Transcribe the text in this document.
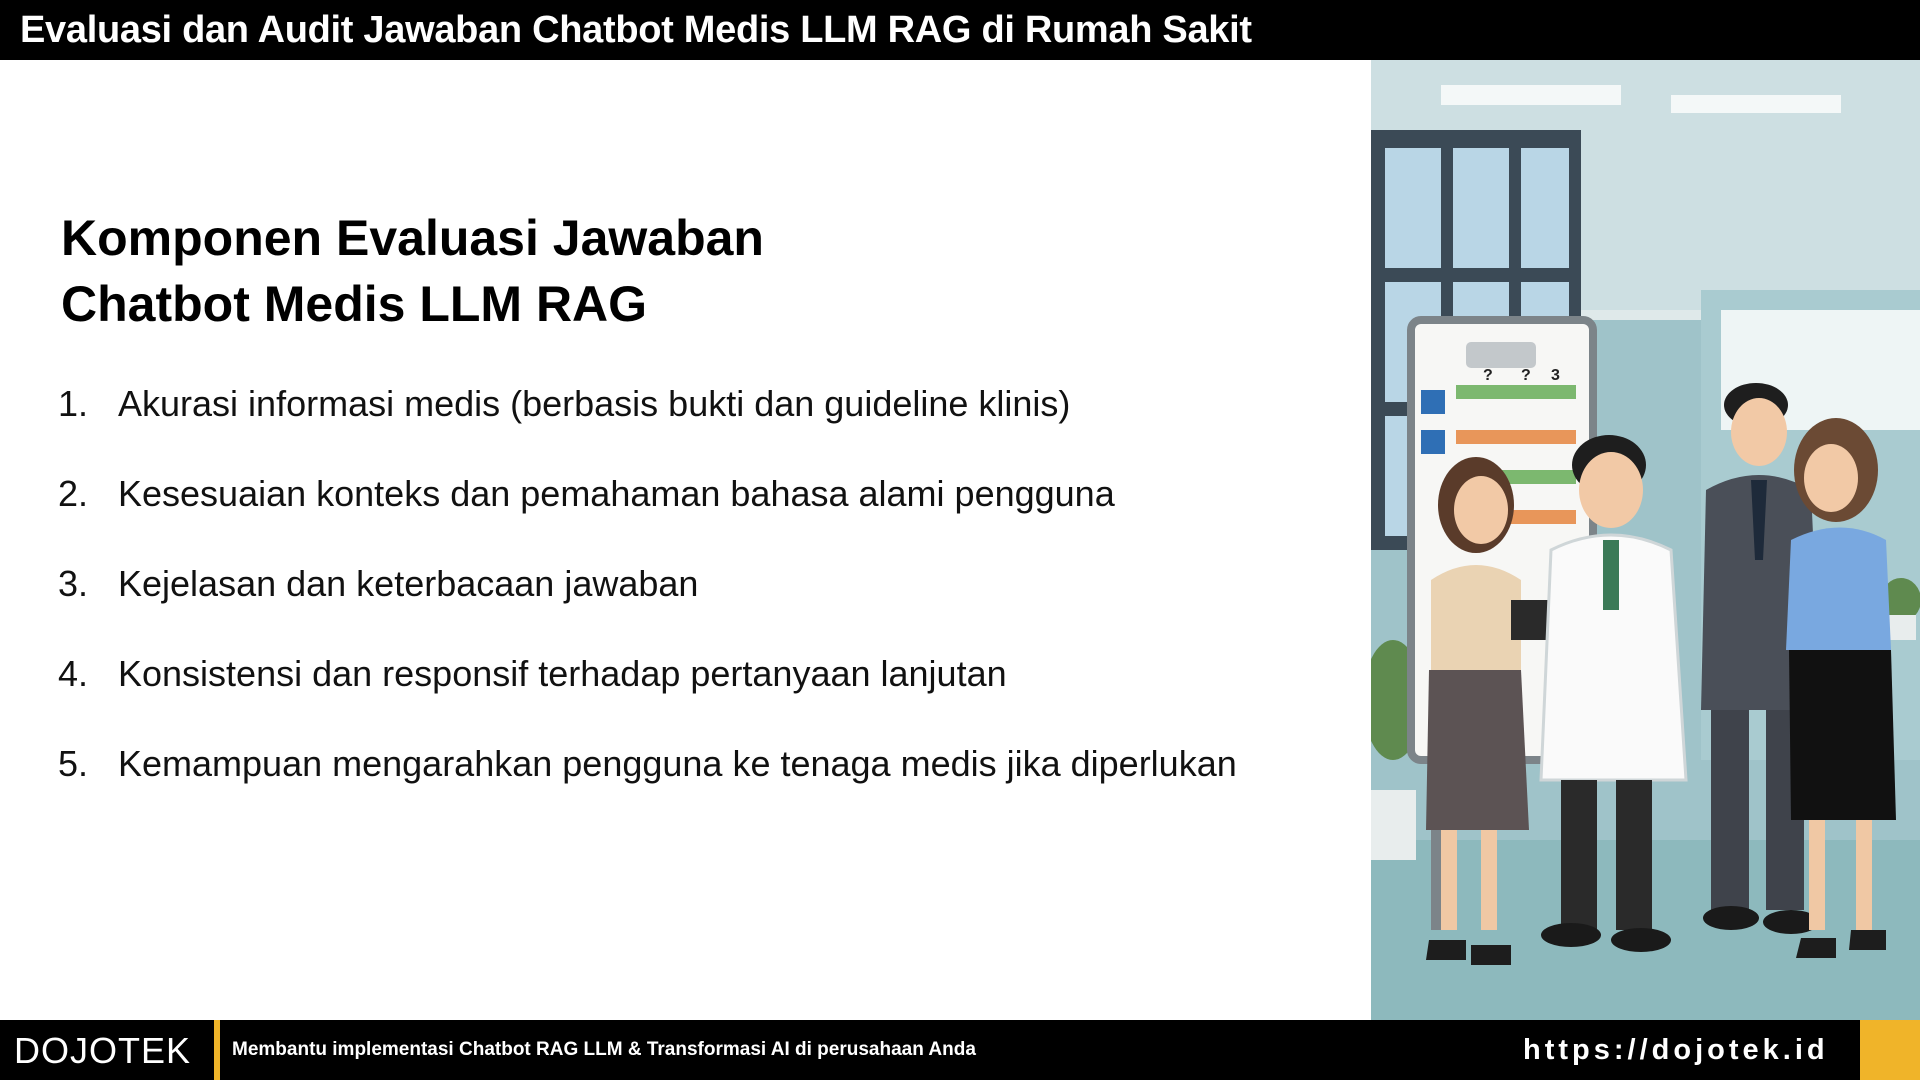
Evaluasi dan Audit Jawaban Chatbot Medis LLM RAG di Rumah Sakit
Komponen Evaluasi Jawaban
Chatbot Medis LLM RAG
1. Akurasi informasi medis (berbasis bukti dan guideline klinis)
2. Kesesuaian konteks dan pemahaman bahasa alami pengguna
3. Kejelasan dan keterbacaan jawaban
4. Konsistensi dan responsif terhadap pertanyaan lanjutan
5. Kemampuan mengarahkan pengguna ke tenaga medis jika diperlukan
? ? 3
DOJOTEK Membantu implementasi Chatbot RAG LLM & Transformasi AI di perusahaan Anda	https://dojotek.id
